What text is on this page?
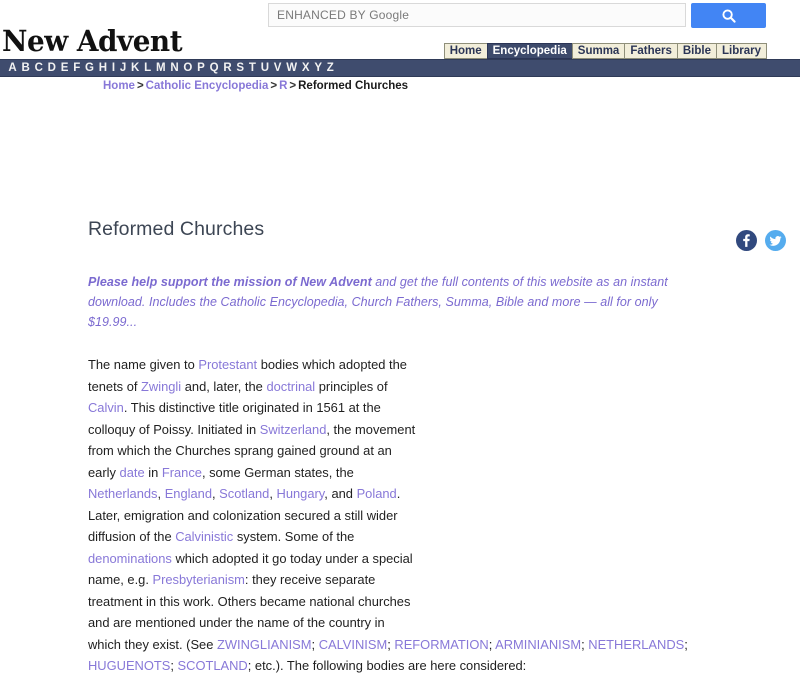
ENHANCED BY Google
New Advent	Home Encyclopedia Summa Fathers Bible Library
A B C D E F G H I J K L M N O P Q R S T U V W X Y Z
Home > Catholic Encyclopedia > R > Reformed Churches
Reformed Churches

Please help support the mission of New Advent and get the full contents of this website as an instant download. Includes the Catholic Encyclopedia, Church Fathers, Summa, Bible and more — all for only $19.99...

The name given to Protestant bodies which adopted the tenets of Zwingli and, later, the doctrinal principles of Calvin. This distinctive title originated in 1561 at the colloquy of Poissy. Initiated in Switzerland, the movement from which the Churches sprang gained ground at an early date in France, some German states, the Netherlands, England, Scotland, Hungary, and Poland. Later, emigration and colonization secured a still wider diffusion of the Calvinistic system. Some of the denominations which adopted it go today under a special name, e.g. Presbyterianism: they receive separate treatment in this work. Others became national churches and are mentioned under the name of the country in which they exist. (See ZWINGLIANISM; CALVINISM; REFORMATION; ARMINIANISM; NETHERLANDS; HUGUENOTS; SCOTLAND; etc.). The following bodies are here considered:
